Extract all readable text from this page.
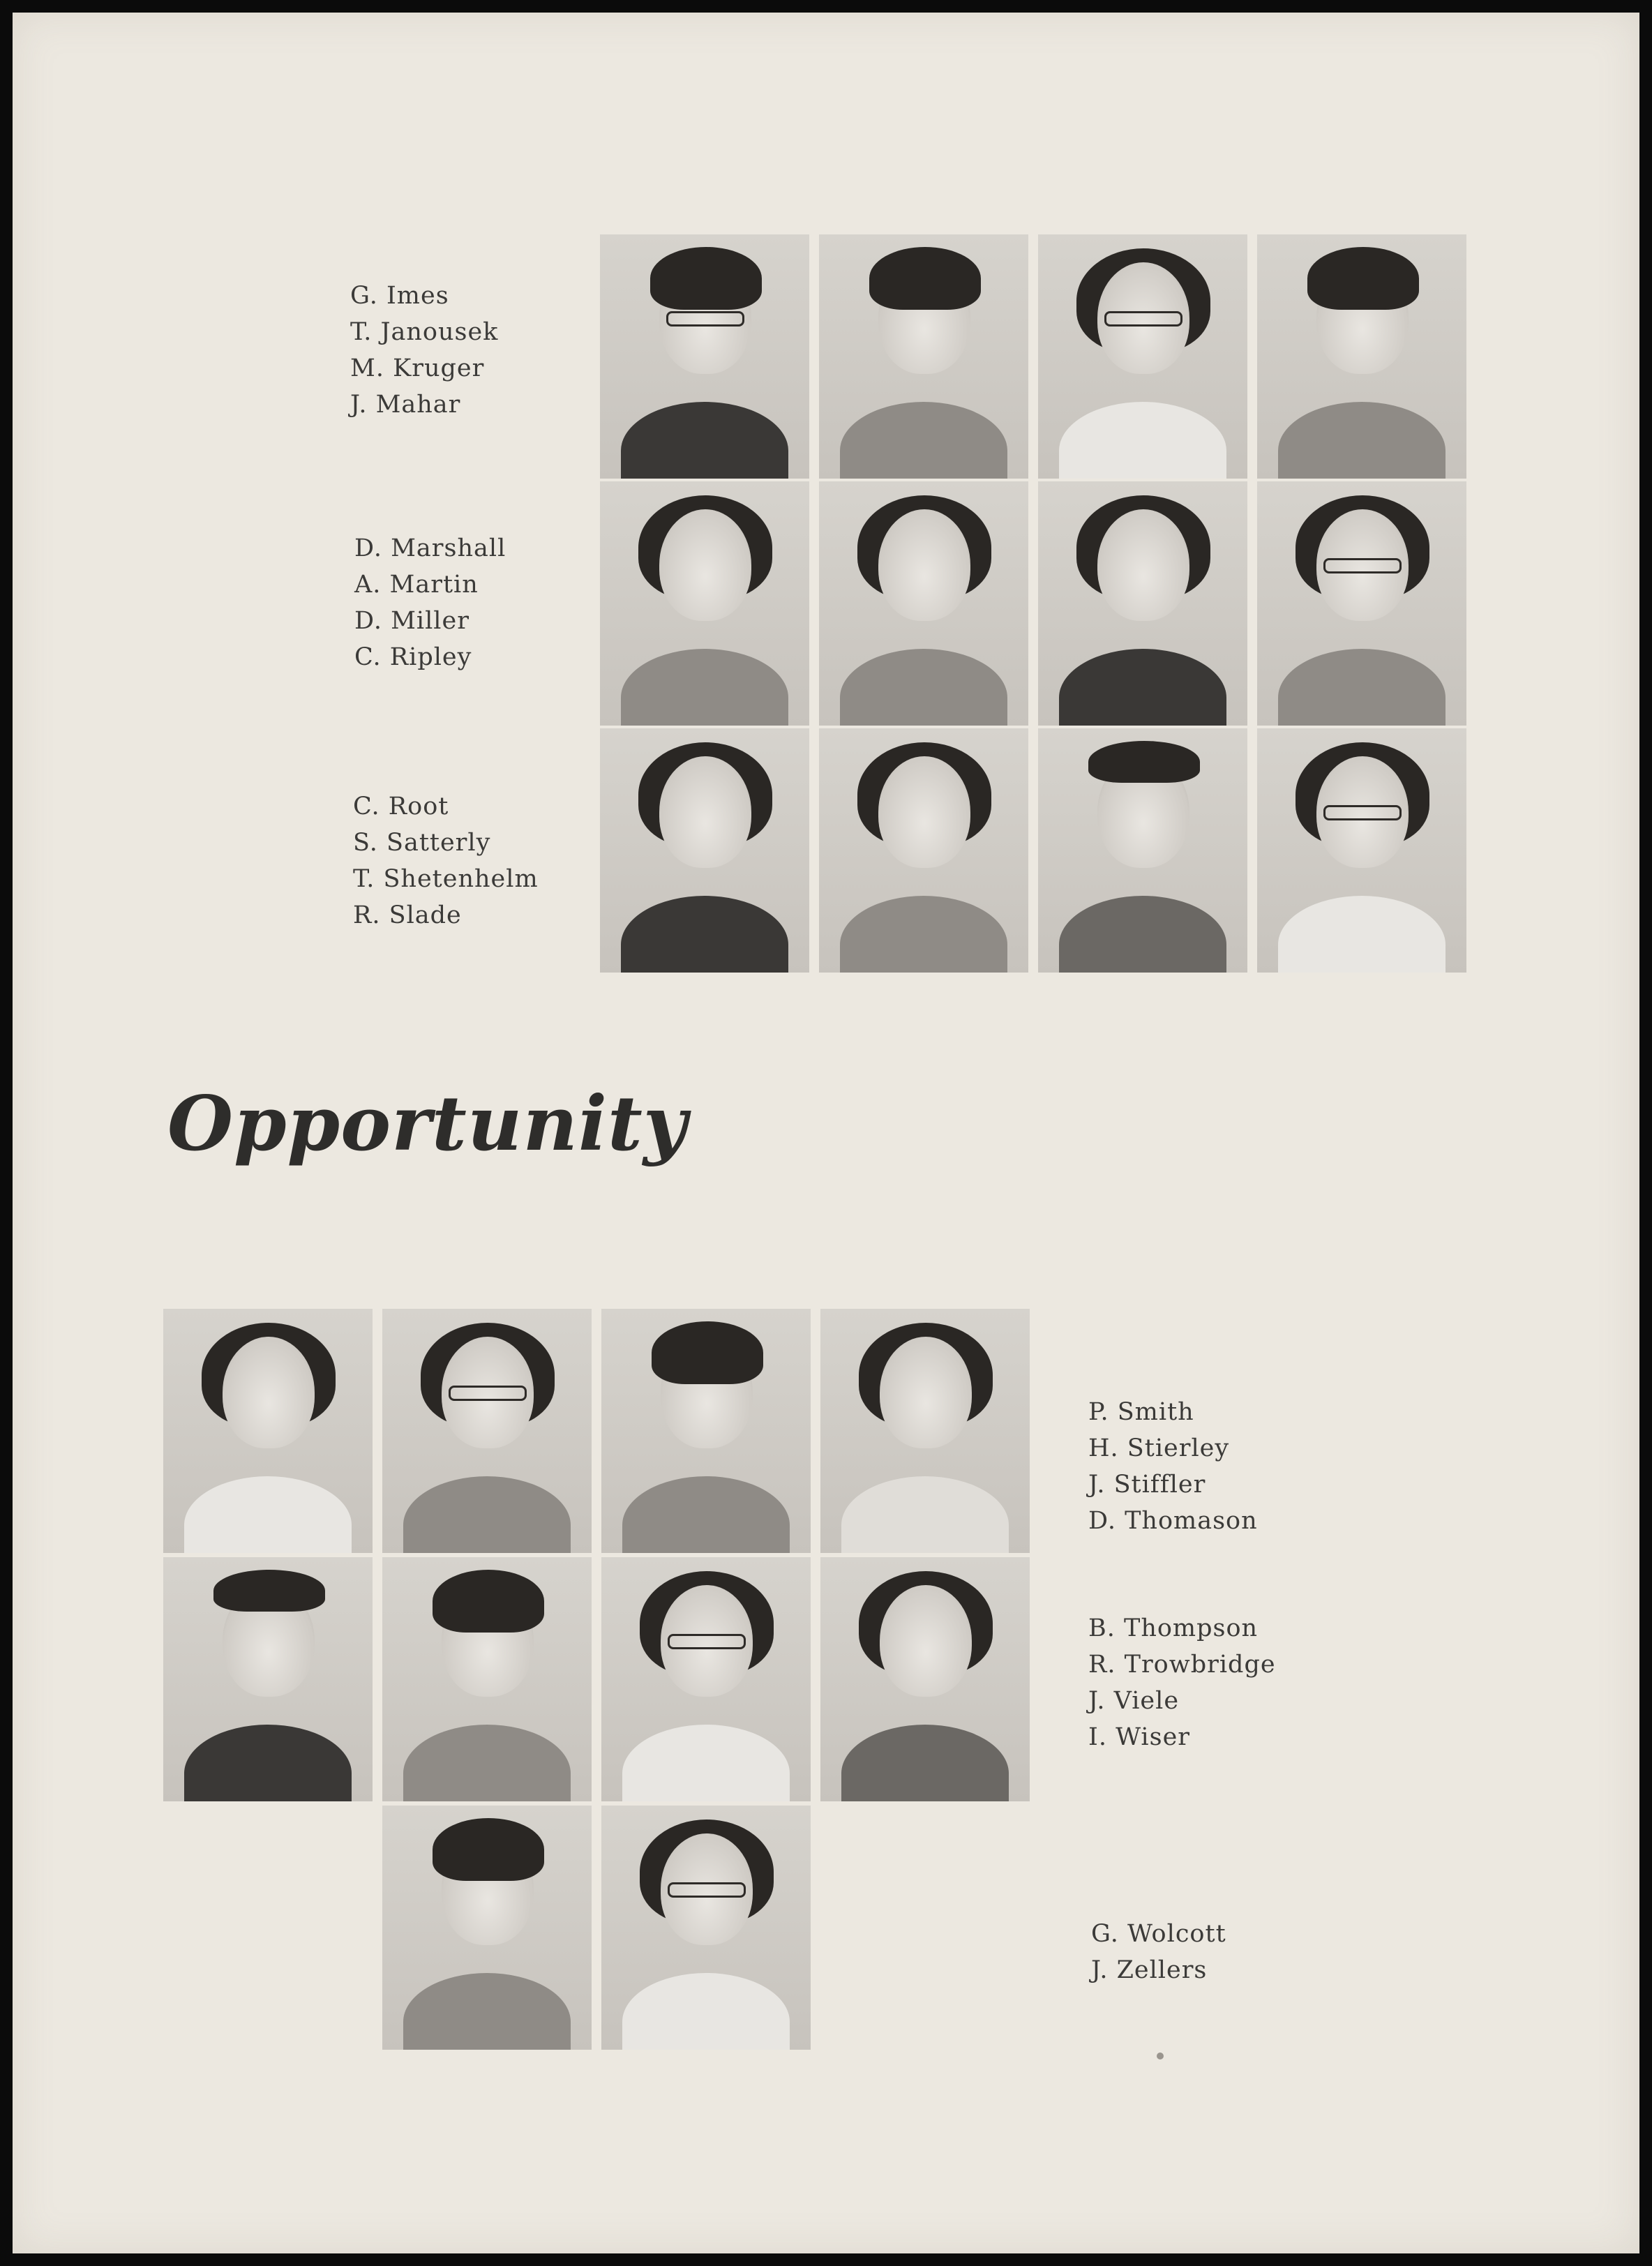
G. Imes
T. Janousek
M. Kruger
J. Mahar
D. Marshall
A. Martin
D. Miller
C. Ripley
C. Root
S. Satterly
T. Shetenhelm
R. Slade
Opportunity
P. Smith
H. Stierley
J. Stiffler
D. Thomason
B. Thompson
R. Trowbridge
J. Viele
I. Wiser
G. Wolcott
J. Zellers
